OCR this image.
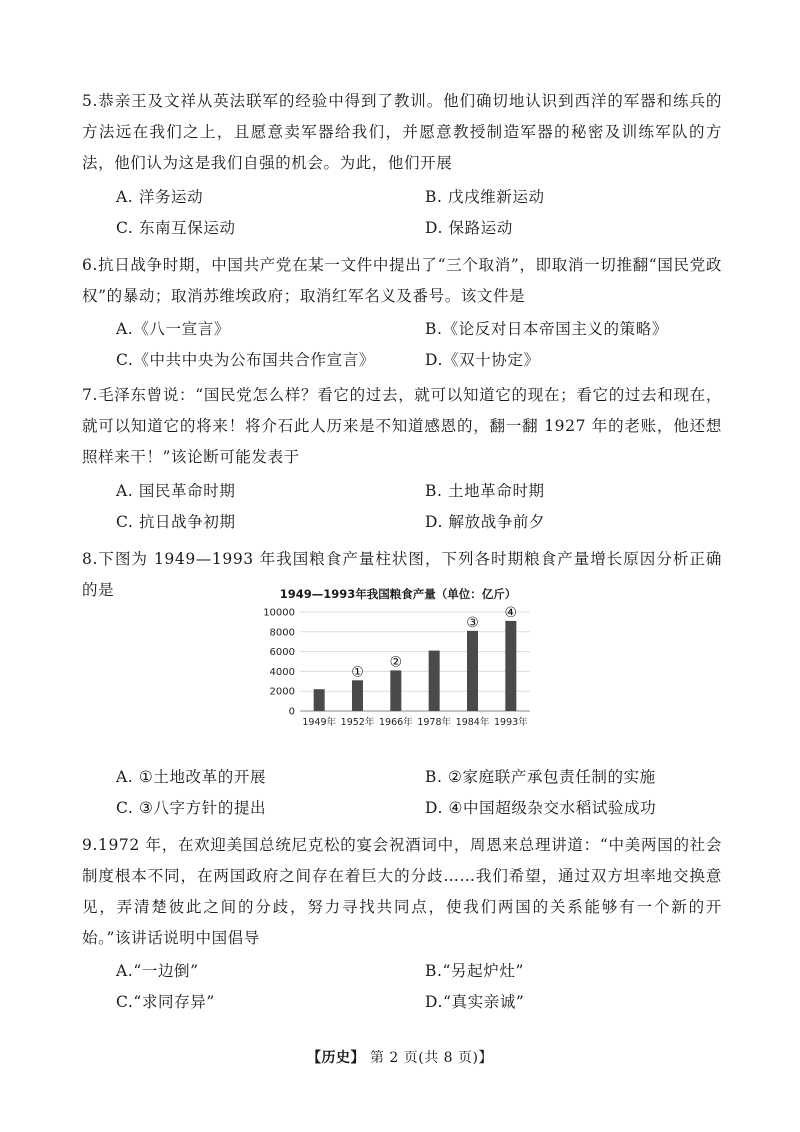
5.恭亲王及文祥从英法联军的经验中得到了教训。他们确切地认识到西洋的军器和练兵的方法远在我们之上，且愿意卖军器给我们，并愿意教授制造军器的秘密及训练军队的方法，他们认为这是我们自强的机会。为此，他们开展
A. 洋务运动	B. 戊戌维新运动
C. 东南互保运动	D. 保路运动
6.抗日战争时期，中国共产党在某一文件中提出了“三个取消”，即取消一切推翻“国民党政权”的暴动；取消苏维埃政府；取消红军名义及番号。该文件是
A.《八一宣言》	B.《论反对日本帝国主义的策略》
C.《中共中央为公布国共合作宣言》	D.《双十协定》
7.毛泽东曾说：“国民党怎么样？看它的过去，就可以知道它的现在；看它的过去和现在，就可以知道它的将来！将介石此人历来是不知道感恩的，翻一翻 1927 年的老账，他还想照样来干！”该论断可能发表于
A. 国民革命时期	B. 土地革命时期
C. 抗日战争初期	D. 解放战争前夕
8.下图为 1949—1993 年我国粮食产量柱状图，下列各时期粮食产量增长原因分析正确的是	1949—1993年我国粮食产量（单位：亿斤）
0
2000
4000
6000
8000
10000
1949年 1952年
①
1966年
②
1978年 1984年
③
1993年
④
A. ①土地改革的开展	B. ②家庭联产承包责任制的实施
C. ③八字方针的提出	D. ④中国超级杂交水稻试验成功
9.1972 年，在欢迎美国总统尼克松的宴会祝酒词中，周恩来总理讲道：“中美两国的社会制度根本不同，在两国政府之间存在着巨大的分歧……我们希望，通过双方坦率地交换意见，弄清楚彼此之间的分歧，努力寻找共同点，使我们两国的关系能够有一个新的开始。”该讲话说明中国倡导
A.“一边倒”	B.“另起炉灶”
C.“求同存异”	D.“真实亲诚”
【历史】 第 2 页(共 8 页)】
